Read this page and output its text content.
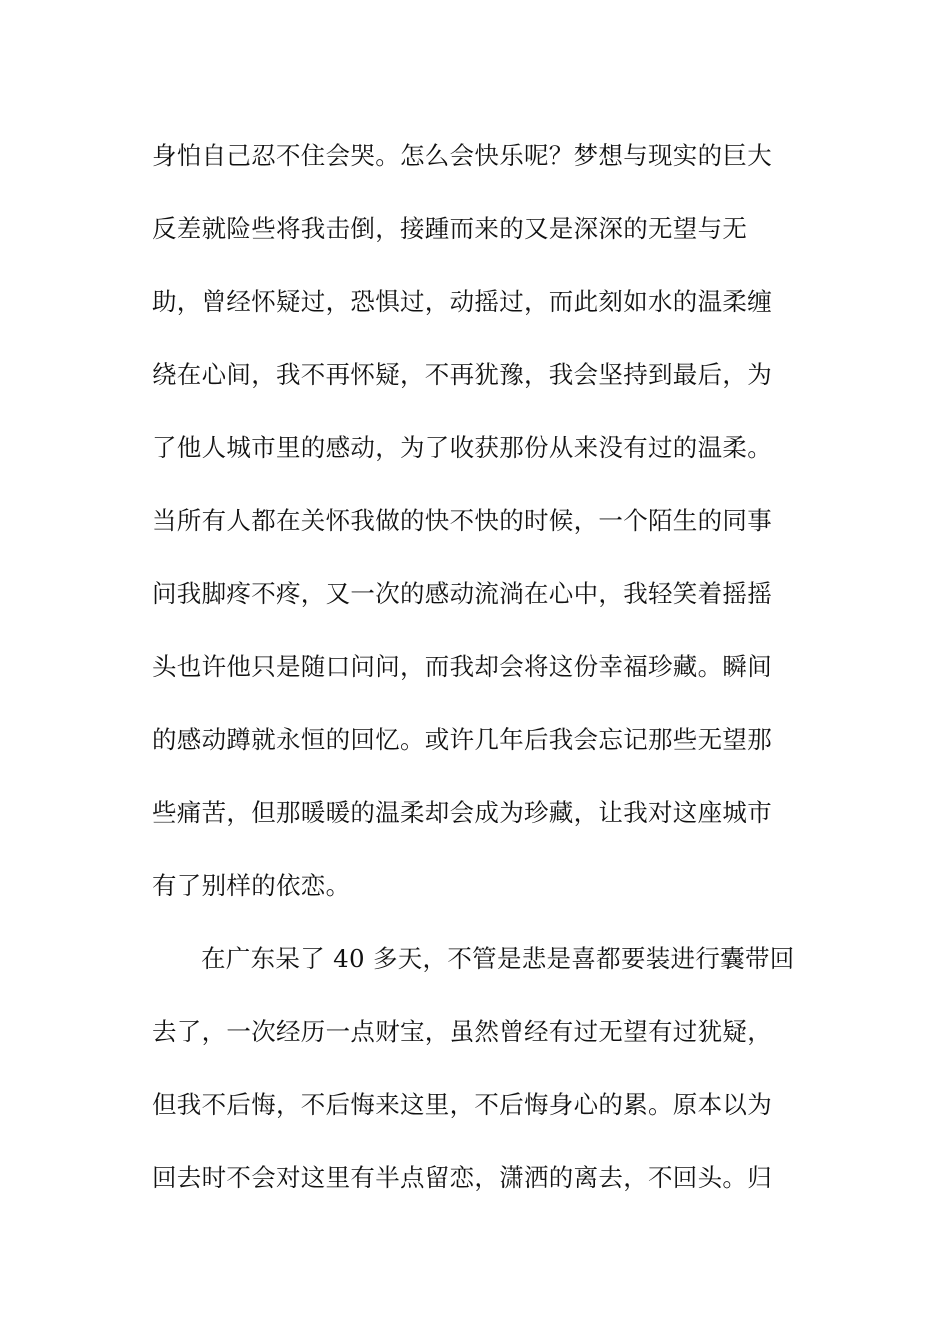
身怕自己忍不住会哭。怎么会快乐呢？梦想与现实的巨大
反差就险些将我击倒，接踵而来的又是深深的无望与无
助，曾经怀疑过，恐惧过，动摇过，而此刻如水的温柔缠
绕在心间，我不再怀疑，不再犹豫，我会坚持到最后，为
了他人城市里的感动，为了收获那份从来没有过的温柔。
当所有人都在关怀我做的快不快的时候，一个陌生的同事
问我脚疼不疼，又一次的感动流淌在心中，我轻笑着摇摇
头也许他只是随口问问，而我却会将这份幸福珍藏。瞬间
的感动蹲就永恒的回忆。或许几年后我会忘记那些无望那
些痛苦，但那暖暖的温柔却会成为珍藏，让我对这座城市
有了别样的依恋。
在广东呆了 40 多天，不管是悲是喜都要装进行囊带回
去了，一次经历一点财宝，虽然曾经有过无望有过犹疑，
但我不后悔，不后悔来这里，不后悔身心的累。原本以为
回去时不会对这里有半点留恋，潇洒的离去，不回头。归
